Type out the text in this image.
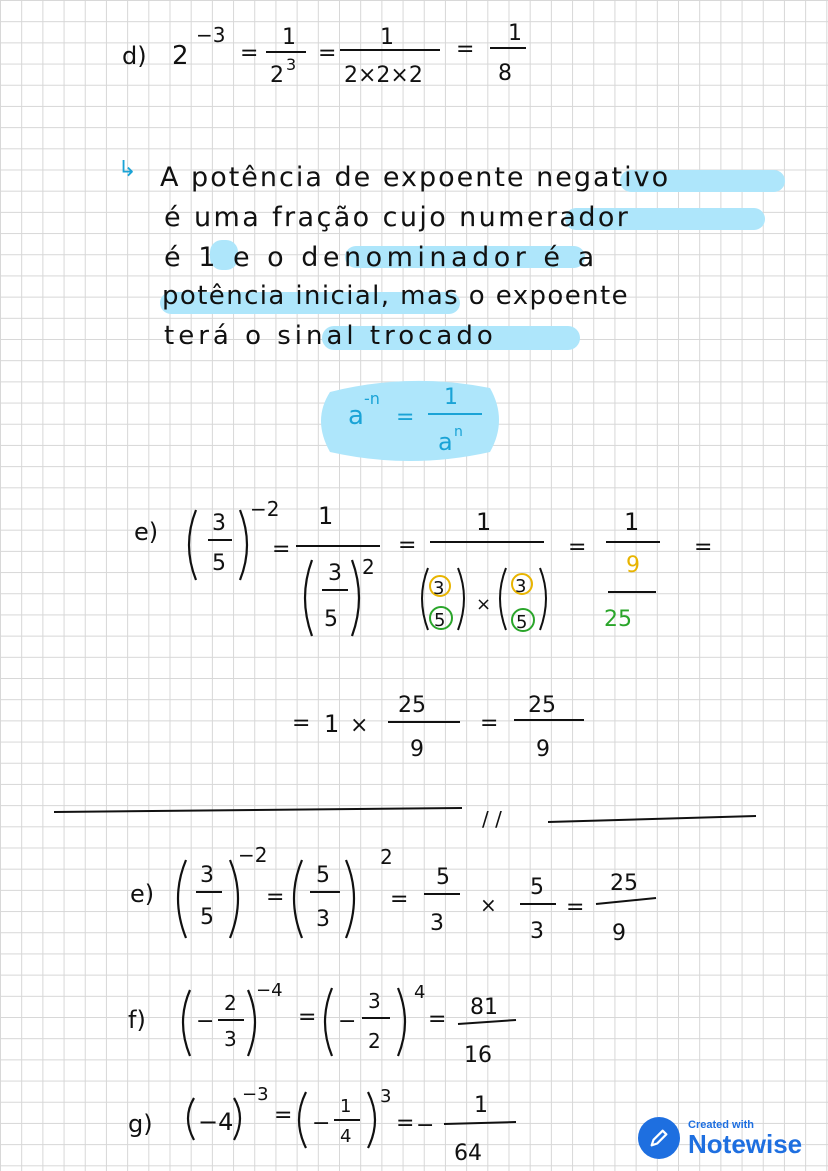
d) 2
−3
=
1
2 3 =
1
2×2×2
=
1
8
↳ A potência de expoente negativo
é uma fração cujo numerador
é 1 e o denominador é a
potência inicial, mas o expoente
terá o sinal trocado
a
-n
=
1
a n
e) 3
5
−2
=
1
3
5
2
=
1
3
5
×
3
5
=
1
9
25
=
= 1 ×
25
9
=
25
9
/ /
e)
3
5
−2
=
5
3
2
=
5
3
×
5
3
=
25
9
f) −
2
3
−4
= −
3
2
4
= 81
16
g) −4
−3
= −
1
4
3
= −
1
64
Created with
Notewise
